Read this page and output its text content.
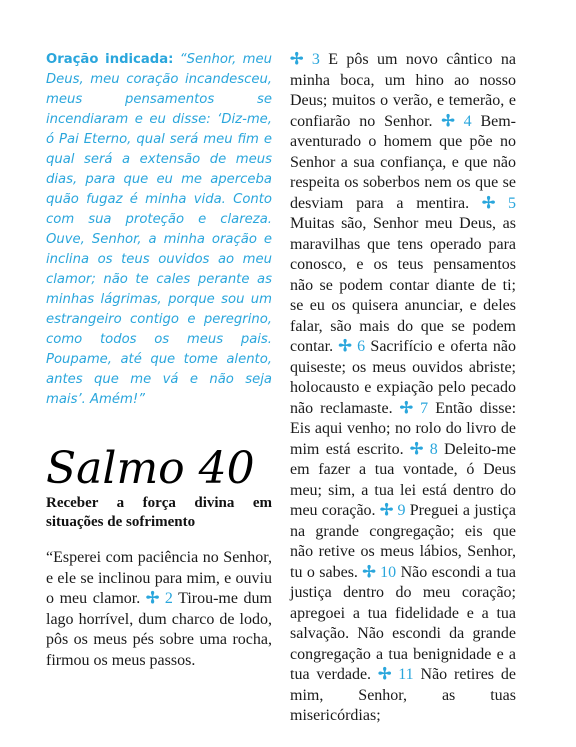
Oração indicada: “Senhor, meu Deus, meu coração incandesceu, meus pensamentos se incendiaram e eu disse: ‘Diz-me, ó Pai Eterno, qual será meu fim e qual será a extensão de meus dias, para que eu me aperceba quão fugaz é minha vida. Conto com sua proteção e clareza. Ouve, Senhor, a minha oração e inclina os teus ouvidos ao meu clamor; não te cales perante as minhas lágrimas, porque sou um estrangeiro contigo e peregrino, como todos os meus pais. Poupame, até que tome alento, antes que me vá e não seja mais’. Amém!”

Salmo 40
Receber a força divina em situações de sofrimento

“Esperei com paciência no Senhor, e ele se inclinou para mim, e ouviu o meu clamor. ✢ 2 Tirou-me dum lago horrível, dum charco de lodo, pôs os meus pés sobre uma rocha, firmou os meus passos.

✢ 3 E pôs um novo cântico na minha boca, um hino ao nosso Deus; muitos o verão, e temerão, e confiarão no Senhor. ✢ 4 Bem-aventurado o homem que põe no Senhor a sua confiança, e que não respeita os soberbos nem os que se desviam para a mentira. ✢ 5 Muitas são, Senhor meu Deus, as maravilhas que tens operado para conosco, e os teus pensamentos não se podem contar diante de ti; se eu os quisera anunciar, e deles falar, são mais do que se podem contar. ✢ 6 Sacrifício e oferta não quiseste; os meus ouvidos abriste; holocausto e expiação pelo pecado não reclamaste. ✢ 7 Então disse: Eis aqui venho; no rolo do livro de mim está escrito. ✢ 8 Deleito-me em fazer a tua vontade, ó Deus meu; sim, a tua lei está dentro do meu coração. ✢ 9 Preguei a justiça na grande congregação; eis que não retive os meus lábios, Senhor, tu o sabes. ✢ 10 Não escondi a tua justiça dentro do meu coração; apregoei a tua fidelidade e a tua salvação. Não escondi da grande congregação a tua benignidade e a tua verdade. ✢ 11 Não retires de mim, Senhor, as tuas misericórdias;
